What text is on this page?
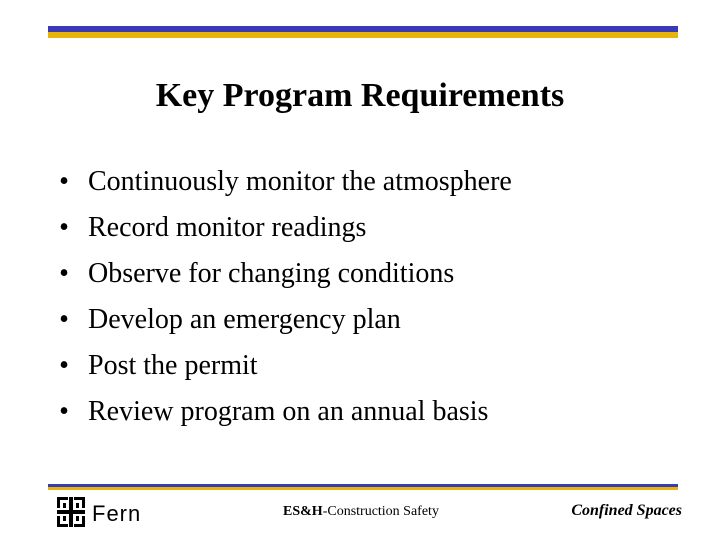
Key Program Requirements
• Continuously monitor the atmosphere
• Record monitor readings
• Observe for changing conditions
• Develop an emergency plan
• Post the permit
• Review program on an annual basis
Fern	ES&H-Construction Safety	Confined Spaces
